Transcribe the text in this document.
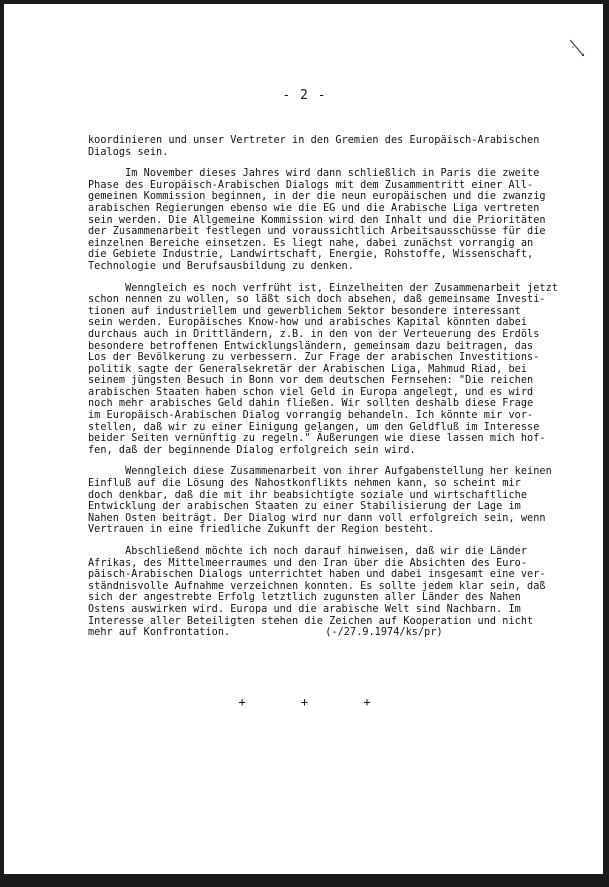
- 2 -
koordinieren und unser Vertreter in den Gremien des Europäisch-Arabischen
Dialogs sein.
Im November dieses Jahres wird dann schließlich in Paris die zweite
Phase des Europäisch-Arabischen Dialogs mit dem Zusammentritt einer All-
gemeinen Kommission beginnen, in der die neun europäischen und die zwanzig
arabischen Regierungen ebenso wie die EG und die Arabische Liga vertreten
sein werden. Die Allgemeine Kommission wird den Inhalt und die Prioritäten
der Zusammenarbeit festlegen und voraussichtlich Arbeitsausschüsse für die
einzelnen Bereiche einsetzen. Es liegt nahe, dabei zunächst vorrangig an
die Gebiete Industrie, Landwirtschaft, Energie, Rohstoffe, Wissenschaft,
Technologie und Berufsausbildung zu denken.
Wenngleich es noch verfrüht ist, Einzelheiten der Zusammenarbeit jetzt
schon nennen zu wollen, so läßt sich doch absehen, daß gemeinsame Investi-
tionen auf industriellem und gewerblichem Sektor besondere interessant
sein werden. Europäisches Know-how und arabisches Kapital könnten dabei
durchaus auch in Drittländern, z.B. in den von der Verteuerung des Erdöls
besondere betroffenen Entwicklungsländern, gemeinsam dazu beitragen, das
Los der Bevölkerung zu verbessern. Zur Frage der arabischen Investitions-
politik sagte der Generalsekretär der Arabischen Liga, Mahmud Riad, bei
seinem jüngsten Besuch in Bonn vor dem deutschen Fernsehen: "Die reichen
arabischen Staaten haben schon viel Geld in Europa angelegt, und es wird
noch mehr arabisches Geld dahin fließen. Wir sollten deshalb diese Frage
im Europäisch-Arabischen Dialog vorrangig behandeln. Ich könnte mir vor-
stellen, daß wir zu einer Einigung gelangen, um den Geldfluß im Interesse
beider Seiten vernünftig zu regeln." Äußerungen wie diese lassen mich hof-
fen, daß der beginnende Dialog erfolgreich sein wird.
Wenngleich diese Zusammenarbeit von ihrer Aufgabenstellung her keinen
Einfluß auf die Lösung des Nahostkonflikts nehmen kann, so scheint mir
doch denkbar, daß die mit ihr beabsichtigte soziale und wirtschaftliche
Entwicklung der arabischen Staaten zu einer Stabilisierung der Lage im
Nahen Osten beiträgt. Der Dialog wird nur dann voll erfolgreich sein, wenn
Vertrauen in eine friedliche Zukunft der Region besteht.
Abschließend möchte ich noch darauf hinweisen, daß wir die Länder
Afrikas, des Mittelmeerraumes und den Iran über die Absichten des Euro-
päisch-Arabischen Dialogs unterrichtet haben und dabei insgesamt eine ver-
ständnisvolle Aufnahme verzeichnen konnten. Es sollte jedem klar sein, daß
sich der angestrebte Erfolg letztlich zugunsten aller Länder des Nahen
Ostens auswirken wird. Europa und die arabische Welt sind Nachbarn. Im
Interesse aller Beteiligten stehen die Zeichen auf Kooperation und nicht
mehr auf Konfrontation.	(-/27.9.1974/ks/pr)
+ + +
